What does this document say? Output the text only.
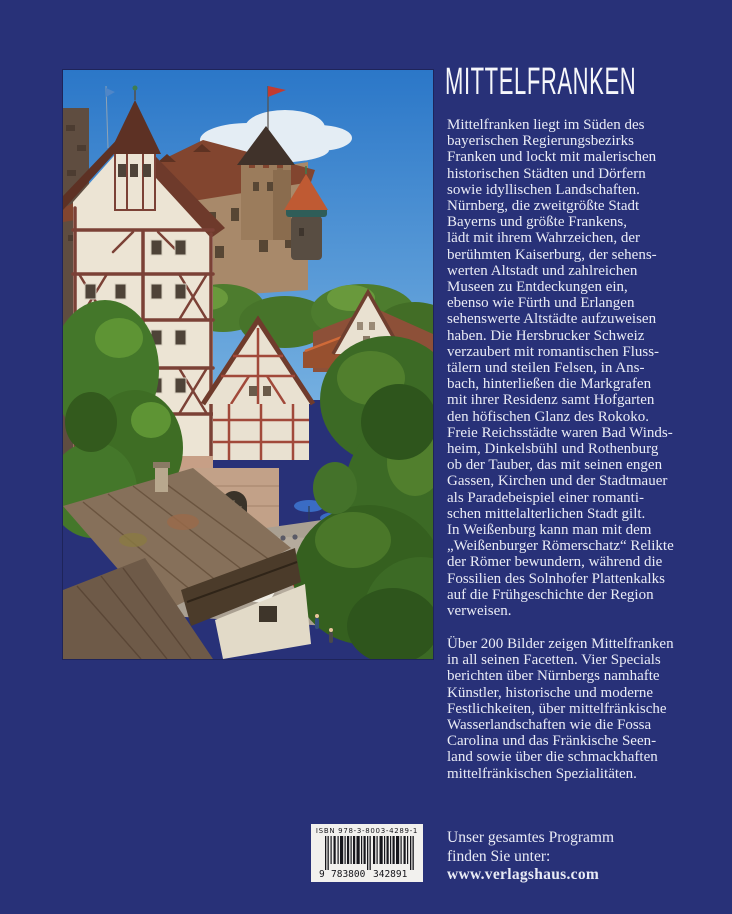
MITTELFRANKEN
Mittelfranken liegt im Süden des
bayerischen Regierungsbezirks
Franken und lockt mit malerischen
historischen Städten und Dörfern
sowie idyllischen Landschaften.
Nürnberg, die zweitgrößte Stadt
Bayerns und größte Frankens,
lädt mit ihrem Wahrzeichen, der
berühmten Kaiserburg, der sehens-
werten Altstadt und zahlreichen
Museen zu Entdeckungen ein,
ebenso wie Fürth und Erlangen
sehenswerte Altstädte aufzuweisen
haben. Die Hersbrucker Schweiz
verzaubert mit romantischen Fluss-
tälern und steilen Felsen, in Ans-
bach, hinterließen die Markgrafen
mit ihrer Residenz samt Hofgarten
den höfischen Glanz des Rokoko.
Freie Reichsstädte waren Bad Winds-
heim, Dinkelsbühl und Rothenburg
ob der Tauber, das mit seinen engen
Gassen, Kirchen und der Stadtmauer
als Paradebeispiel einer romanti-
schen mittelalterlichen Stadt gilt.
In Weißenburg kann man mit dem
„Weißenburger Römerschatz“ Relikte
der Römer bewundern, während die
Fossilien des Solnhofer Plattenkalks
auf die Frühgeschichte der Region
verweisen.
Über 200 Bilder zeigen Mittelfranken
in all seinen Facetten. Vier Specials
berichten über Nürnbergs namhafte
Künstler, historische und moderne
Festlichkeiten, über mittelfränkische
Wasserlandschaften wie die Fossa
Carolina und das Fränkische Seen-
land sowie über die schmackhaften
mittelfränkischen Spezialitäten.
Unser gesamtes Programm
finden Sie unter:
www.verlagshaus.com
ISBN 978-3-8003-4289-1
9 783800 342891
